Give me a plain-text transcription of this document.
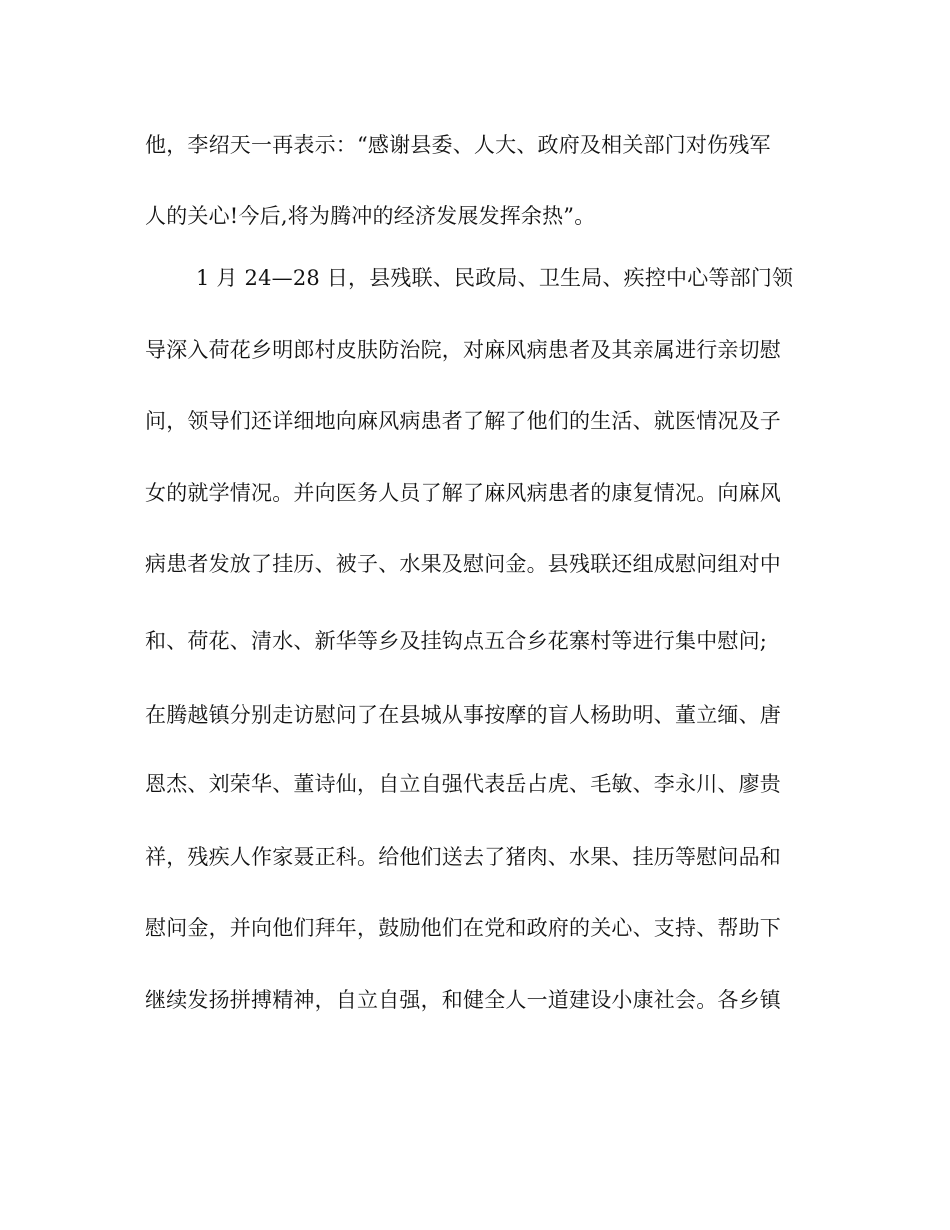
他，李绍天一再表示：“感谢县委、人大、政府及相关部门对伤残军
人的关心!今后,将为腾冲的经济发展发挥余热”。
1 月 24—28 日，县残联、民政局、卫生局、疾控中心等部门领
导深入荷花乡明郎村皮肤防治院，对麻风病患者及其亲属进行亲切慰
问，领导们还详细地向麻风病患者了解了他们的生活、就医情况及子
女的就学情况。并向医务人员了解了麻风病患者的康复情况。向麻风
病患者发放了挂历、被子、水果及慰问金。县残联还组成慰问组对中
和、荷花、清水、新华等乡及挂钩点五合乡花寨村等进行集中慰问;
在腾越镇分别走访慰问了在县城从事按摩的盲人杨助明、董立缅、唐
恩杰、刘荣华、董诗仙，自立自强代表岳占虎、毛敏、李永川、廖贵
祥，残疾人作家聂正科。给他们送去了猪肉、水果、挂历等慰问品和
慰问金，并向他们拜年，鼓励他们在党和政府的关心、支持、帮助下
继续发扬拼搏精神，自立自强，和健全人一道建设小康社会。各乡镇
